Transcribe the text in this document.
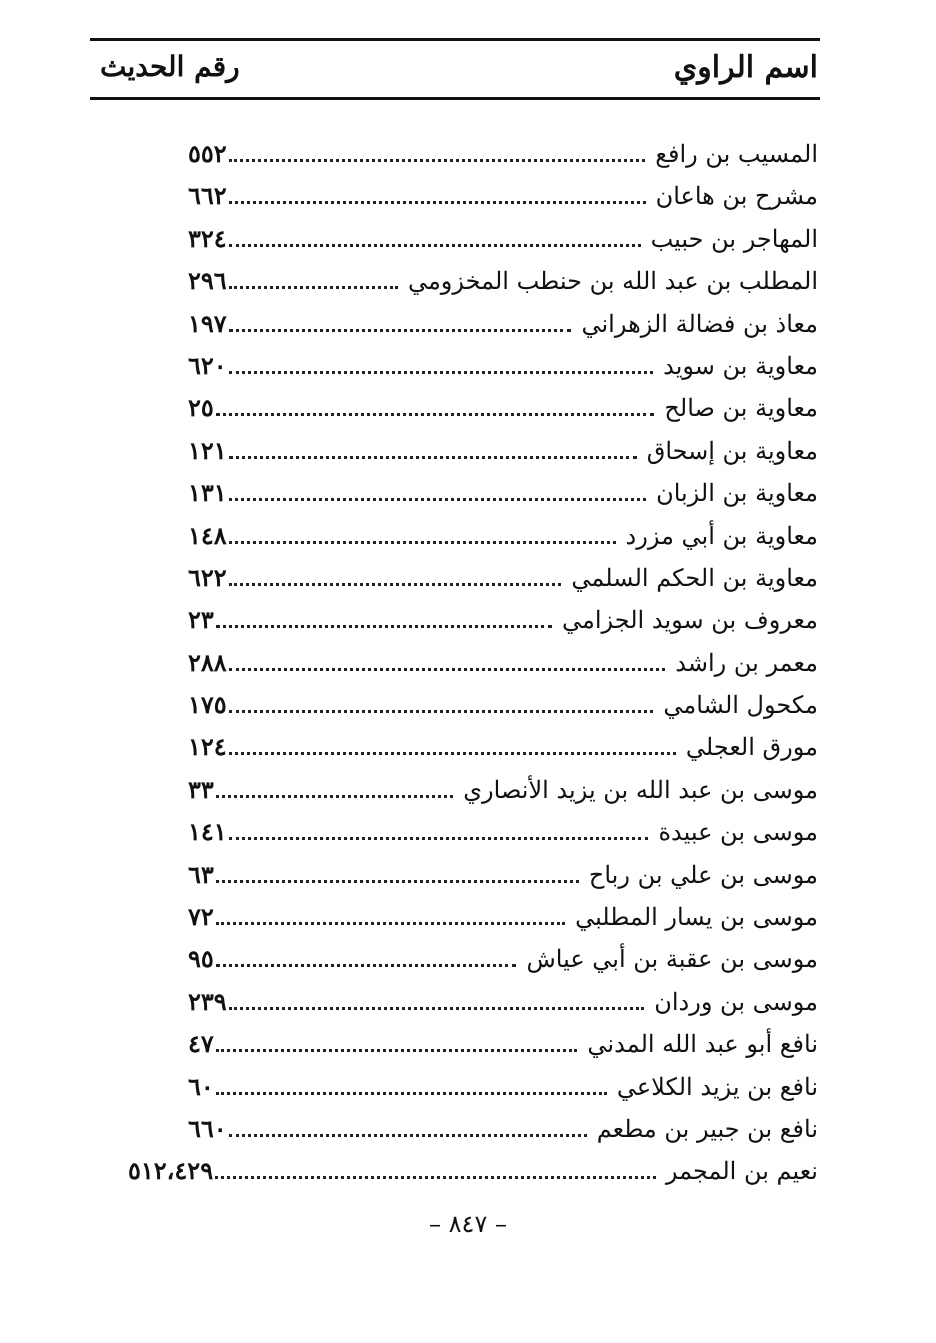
اسم الراوي
رقم الحديث
المسيب بن رافع
٥٥٢
مشرح بن هاعان
٦٦٢
المهاجر بن حبيب
٣٢٤
المطلب بن عبد الله بن حنطب المخزومي
٢٩٦
معاذ بن فضالة الزهراني
١٩٧
معاوية بن سويد
٦٢٠
معاوية بن صالح
٢٥
معاوية بن إسحاق
١٢١
معاوية بن الزبان
١٣١
معاوية بن أبي مزرد
١٤٨
معاوية بن الحكم السلمي
٦٢٢
معروف بن سويد الجزامي
٢٣
معمر بن راشد
٢٨٨
مكحول الشامي
١٧٥
مورق العجلي
١٢٤
موسى بن عبد الله بن يزيد الأنصاري
٣٣
موسى بن عبيدة
١٤١
موسى بن علي بن رباح
٦٣
موسى بن يسار المطلبي
٧٢
موسى بن عقبة بن أبي عياش
٩٥
موسى بن وردان
٢٣٩
نافع أبو عبد الله المدني
٤٧
نافع بن يزيد الكلاعي
٦٠
نافع بن جبير بن مطعم
٦٦٠
نعيم بن المجمر
٥١٢،٤٢٩
– ٨٤٧ –
